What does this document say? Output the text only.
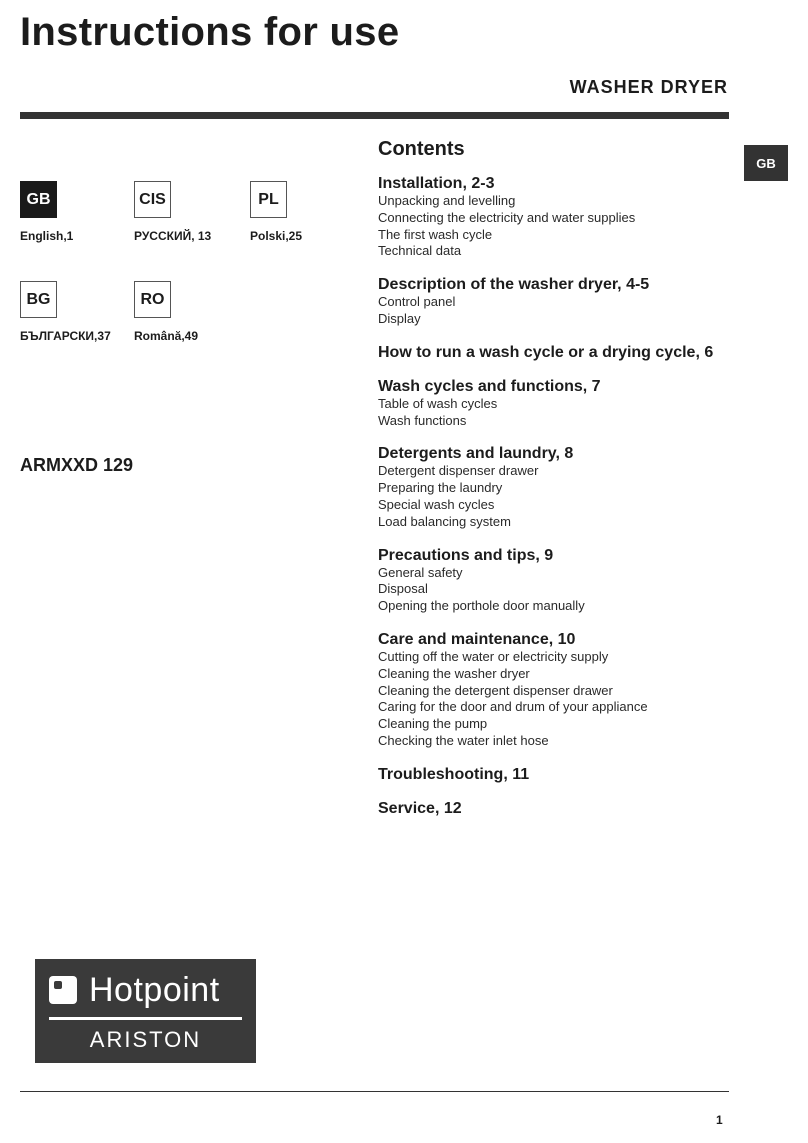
Instructions for use
WASHER DRYER
GB
GB
English,1
CIS
РУССКИЙ, 13
PL
Polski,25
BG
БЪЛГАРСКИ,37
RO
Română,49
ARMXXD 129
Contents
Installation, 2-3
Unpacking and levelling
Connecting the electricity and water supplies
The first wash cycle
Technical data
Description of the washer dryer, 4-5
Control panel
Display
How to run a wash cycle or a drying cycle, 6
Wash cycles and functions, 7
Table of wash cycles
Wash functions
Detergents and laundry, 8
Detergent dispenser drawer
Preparing the laundry
Special wash cycles
Load balancing system
Precautions and tips, 9
General safety
Disposal
Opening the porthole door manually
Care and maintenance, 10
Cutting off the water or electricity supply
Cleaning the washer dryer
Cleaning the detergent dispenser drawer
Caring for the door and drum of your appliance
Cleaning the pump
Checking the water inlet hose
Troubleshooting, 11
Service, 12
Hotpoint
ARISTON
1
